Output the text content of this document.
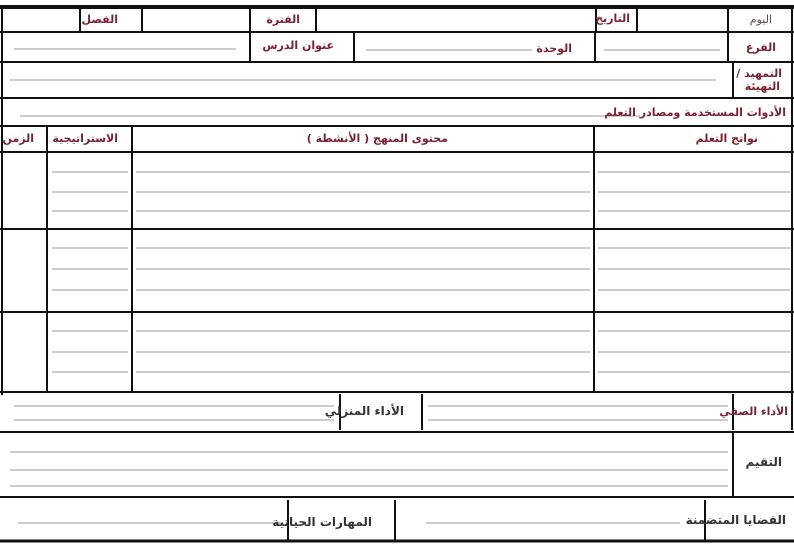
اليوم
التاريخ
الفترة
الفصل
الفرع
الوحدة
عنوان الدرس
التمهيد /
التهيئة
الأدوات المستخدمة ومصادر التعلم
نواتج التعلم
محتوى المنهج ( الأنشطة )
الاستراتيجية
الزمن
الأداء الصفي
الأداء المنزلي
التقيم
القضايا المتضمنة
المهارات الحياتية
